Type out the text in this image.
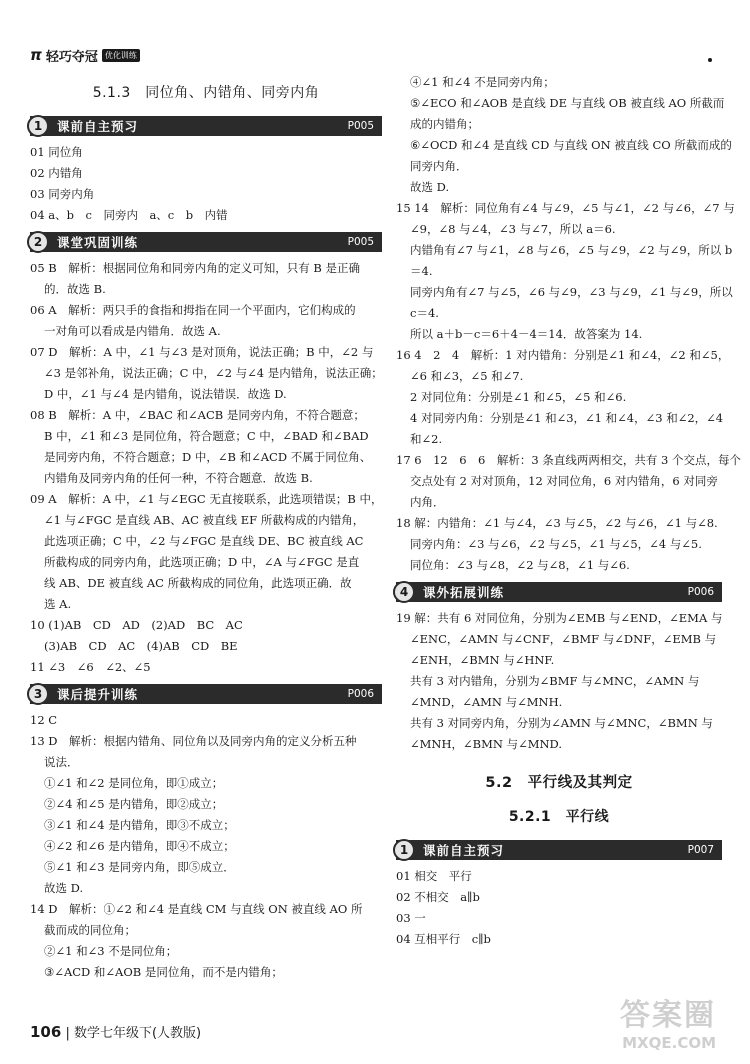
π 轻巧夺冠 优化训练
5.1.3　同位角、内错角、同旁内角
1	课前自主预习	P005
01 同位角
02 内错角
03 同旁内角
04 a、b　c　同旁内　a、c　b　内错
2	课堂巩固训练	P005
05 B　解析：根据同位角和同旁内角的定义可知，只有 B 是正确
的．故选 B.
06 A　解析：两只手的食指和拇指在同一个平面内，它们构成的
一对角可以看成是内错角．故选 A.
07 D　解析：A 中，∠1 与∠3 是对顶角，说法正确；B 中，∠2 与
∠3 是邻补角，说法正确；C 中，∠2 与∠4 是内错角，说法正确；
D 中，∠1 与∠4 是内错角，说法错误．故选 D.
08 B　解析：A 中，∠BAC 和∠ACB 是同旁内角，不符合题意；
B 中，∠1 和∠3 是同位角，符合题意；C 中，∠BAD 和∠BAD
是同旁内角，不符合题意；D 中，∠B 和∠ACD 不属于同位角、
内错角及同旁内角的任何一种，不符合题意．故选 B.
09 A　解析：A 中，∠1 与∠EGC 无直接联系，此选项错误；B 中，
∠1 与∠FGC 是直线 AB、AC 被直线 EF 所截构成的内错角，
此选项正确；C 中，∠2 与∠FGC 是直线 DE、BC 被直线 AC
所截构成的同旁内角，此选项正确；D 中，∠A 与∠FGC 是直
线 AB、DE 被直线 AC 所截构成的同位角，此选项正确．故
选 A.
10 (1)AB　CD　AD　(2)AD　BC　AC
(3)AB　CD　AC　(4)AB　CD　BE
11 ∠3　∠6　∠2、∠5
3	课后提升训练	P006
12 C
13 D　解析：根据内错角、同位角以及同旁内角的定义分析五种
说法．
①∠1 和∠2 是同位角，即①成立；
②∠4 和∠5 是内错角，即②成立；
③∠1 和∠4 是内错角，即③不成立；
④∠2 和∠6 是内错角，即④不成立；
⑤∠1 和∠3 是同旁内角，即⑤成立．
故选 D.
14 D　解析：①∠2 和∠4 是直线 CM 与直线 ON 被直线 AO 所
截而成的同位角；
②∠1 和∠3 不是同位角；
③∠ACD 和∠AOB 是同位角，而不是内错角；
④∠1 和∠4 不是同旁内角；
⑤∠ECO 和∠AOB 是直线 DE 与直线 OB 被直线 AO 所截而
成的内错角；
⑥∠OCD 和∠4 是直线 CD 与直线 ON 被直线 CO 所截而成的
同旁内角．
故选 D.
15 14　解析：同位角有∠4 与∠9，∠5 与∠1，∠2 与∠6，∠7 与
∠9，∠8 与∠4，∠3 与∠7，所以 a＝6.
内错角有∠7 与∠1，∠8 与∠6，∠5 与∠9，∠2 与∠9，所以 b
＝4.
同旁内角有∠7 与∠5，∠6 与∠9，∠3 与∠9，∠1 与∠9，所以
c＝4.
所以 a＋b－c＝6＋4－4＝14．故答案为 14.
16 4　2　4　解析：1 对内错角：分别是∠1 和∠4，∠2 和∠5，
∠6 和∠3，∠5 和∠7.
2 对同位角：分别是∠1 和∠5，∠5 和∠6.
4 对同旁内角：分别是∠1 和∠3，∠1 和∠4，∠3 和∠2，∠4
和∠2.
17 6　12　6　6　解析：3 条直线两两相交，共有 3 个交点，每个
交点处有 2 对对顶角，12 对同位角，6 对内错角，6 对同旁
内角．
18 解：内错角：∠1 与∠4，∠3 与∠5，∠2 与∠6，∠1 与∠8.
同旁内角：∠3 与∠6，∠2 与∠5，∠1 与∠5，∠4 与∠5.
同位角：∠3 与∠8，∠2 与∠8，∠1 与∠6.
4	课外拓展训练	P006
19 解：共有 6 对同位角，分别为∠EMB 与∠END，∠EMA 与
∠ENC，∠AMN 与∠CNF，∠BMF 与∠DNF，∠EMB 与
∠ENH，∠BMN 与∠HNF.
共有 3 对内错角，分别为∠BMF 与∠MNC，∠AMN 与
∠MND，∠AMN 与∠MNH.
共有 3 对同旁内角，分别为∠AMN 与∠MNC，∠BMN 与
∠MNH，∠BMN 与∠MND.
5.2　平行线及其判定
5.2.1　平行线
1	课前自主预习	P007
01 相交　平行
02 不相交　a∥b
03 一
04 互相平行　c∥b
106 | 数学七年级下(人教版)
答案圈
MXQE.COM
